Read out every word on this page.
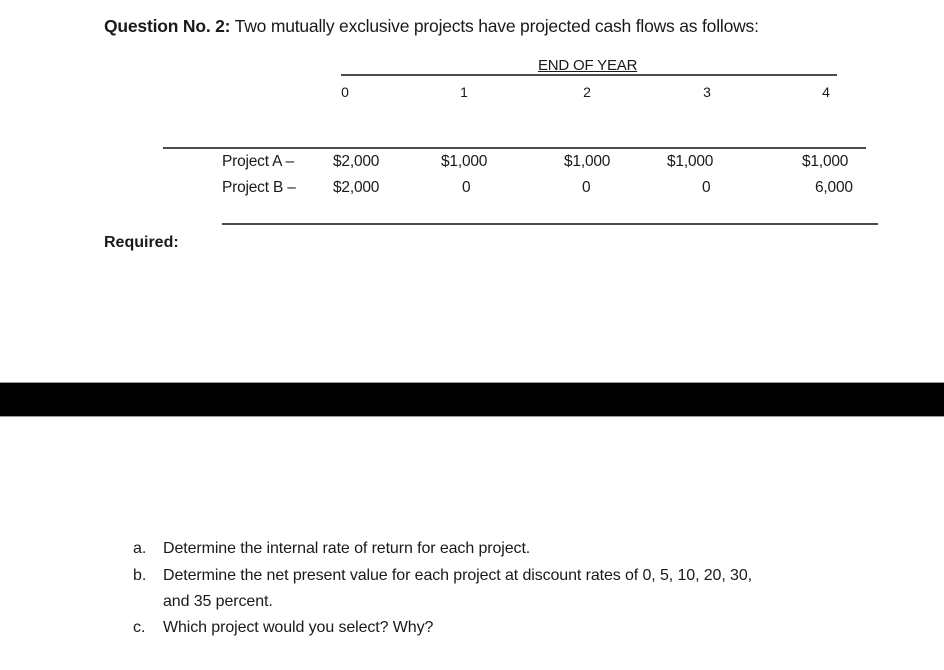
Question No. 2: Two mutually exclusive projects have projected cash flows as follows:
END OF YEAR
0	1	2	3	4
Project A –	$2,000	$1,000	$1,000	$1,000	$1,000
Project B – $2,000	0	0	0	6,000
Required:
a. Determine the internal rate of return for each project.
b. Determine the net present value for each project at discount rates of 0, 5, 10, 20, 30,
and 35 percent.
c. Which project would you select? Why?
